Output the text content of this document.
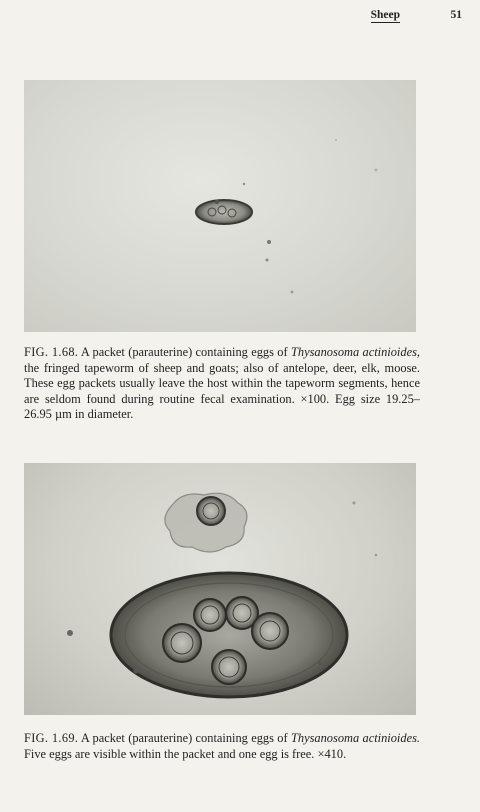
Sheep	51
FIG. 1.68. A packet (parauterine) containing eggs of Thysanosoma actinioides, the fringed tapeworm of sheep and goats; also of antelope, deer, elk, moose. These egg packets usually leave the host within the tapeworm segments, hence are seldom found during routine fecal examination. ×100. Egg size 19.25–26.95 µm in diameter.
FIG. 1.69. A packet (parauterine) containing eggs of Thysanosoma actinioides. Five eggs are visible within the packet and one egg is free. ×410.
